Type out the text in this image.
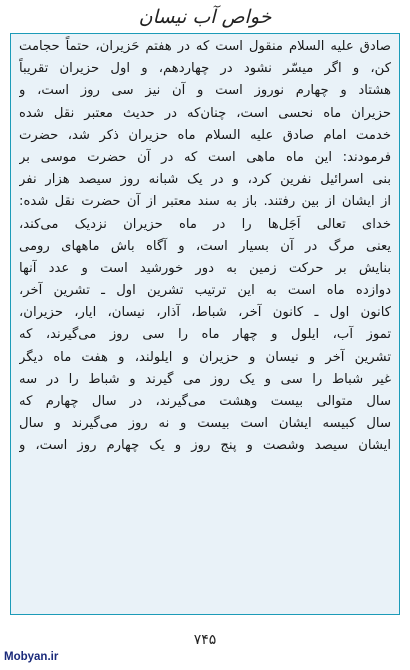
خواص آب نیسان
صادق علیه السلام منقول است که در هفتم حَزیران، حتماً حجامت
کن، و اگر میسّر نشود در چهاردهم، و اول حزیران تقریباً
هشتاد و چهارم نوروز است و آن نیز سی روز است، و
حزیران ماه نحسی است، چنان‌که در حدیث معتبر نقل شده
خدمت امام صادق علیه السلام ماه حزیران ذکر شد، حضرت
فرمودند: این ماه ماهی است که در آن حضرت موسی بر
بنی اسرائیل نفرین کرد، و در یک شبانه روز سیصد هزار نفر
از ایشان از بین رفتند. باز به سند معتبر از آن حضرت نقل شده:
خدای تعالی اَجَل‌ها را در ماه حزیران نزدیک می‌کند،
یعنی مرگ در آن بسیار است، و آگاه باش ماههای رومی
بنایش بر حرکت زمین به دور خورشید است و عدد آنها
دوازده ماه است به این ترتیب تشرین اول ـ تشرین آخر،
کانون اول ـ کانون آخر، شباط، آذار، نیسان، ایار، حزیران،
تموز آب، ایلول و چهار ماه را سی روز می‌گیرند، که
تشرین آخر و نیسان و حزیران و ایلولند، و هفت ماه دیگر
غیر شباط را سی و یک روز می گیرند و شباط را در سه
سال متوالی بیست وهشت می‌گیرند، در سال چهارم که
سال کبیسه ایشان است بیست و نه روز می‌گیرند و سال
ایشان سیصد وشصت و پنج روز و یک چهارم روز است، و
۷۴۵
Mobyan.ir
